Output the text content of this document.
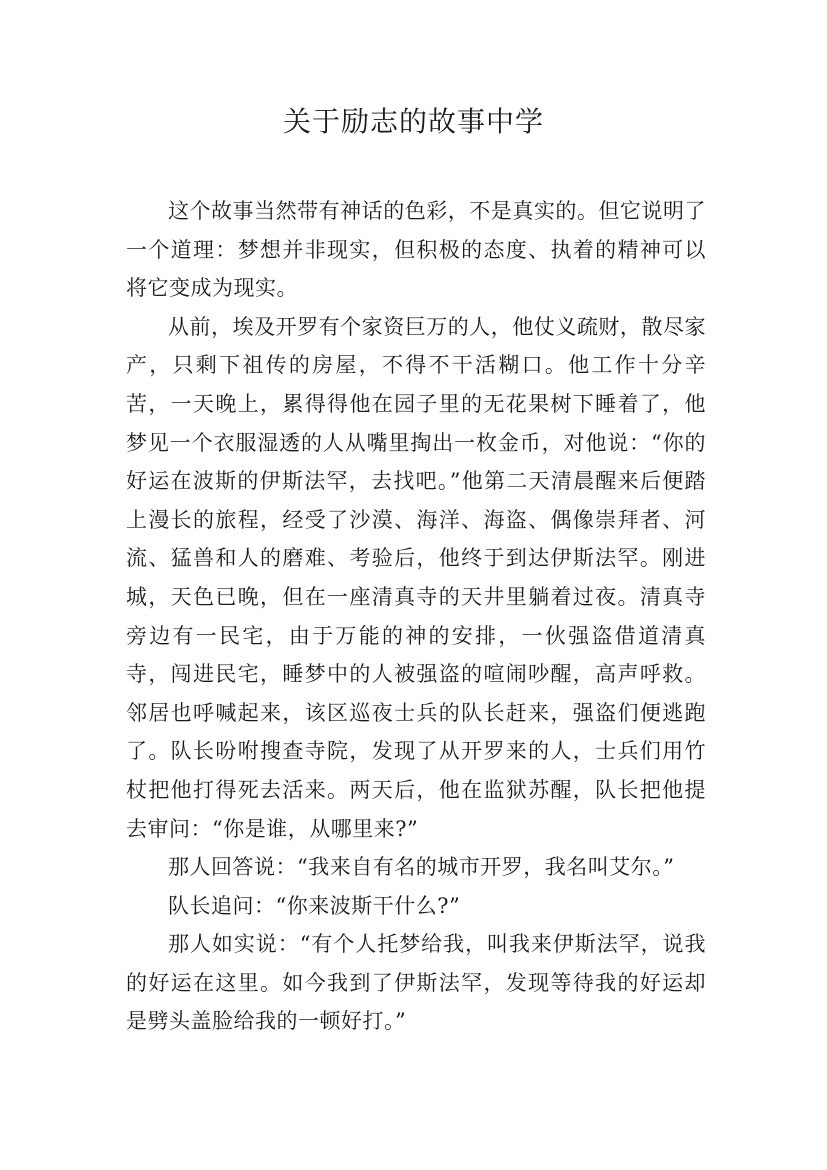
关于励志的故事中学

这个故事当然带有神话的色彩，不是真实的。但它说明了一个道理：梦想并非现实，但积极的态度、执着的精神可以将它变成为现实。

从前，埃及开罗有个家资巨万的人，他仗义疏财，散尽家产，只剩下祖传的房屋，不得不干活糊口。他工作十分辛苦，一天晚上，累得得他在园子里的无花果树下睡着了，他梦见一个衣服湿透的人从嘴里掏出一枚金币，对他说：“你的好运在波斯的伊斯法罕，去找吧。”他第二天清晨醒来后便踏上漫长的旅程，经受了沙漠、海洋、海盗、偶像崇拜者、河流、猛兽和人的磨难、考验后，他终于到达伊斯法罕。刚进城，天色已晚，但在一座清真寺的天井里躺着过夜。清真寺旁边有一民宅，由于万能的神的安排，一伙强盗借道清真寺，闯进民宅，睡梦中的人被强盗的喧闹吵醒，高声呼救。邻居也呼喊起来，该区巡夜士兵的队长赶来，强盗们便逃跑了。队长吩咐搜查寺院，发现了从开罗来的人，士兵们用竹杖把他打得死去活来。两天后，他在监狱苏醒，队长把他提去审问：“你是谁，从哪里来?”

那人回答说：“我来自有名的城市开罗，我名叫艾尔。”

队长追问：“你来波斯干什么?”

那人如实说：“有个人托梦给我，叫我来伊斯法罕，说我的好运在这里。如今我到了伊斯法罕，发现等待我的好运却是劈头盖脸给我的一顿好打。”
